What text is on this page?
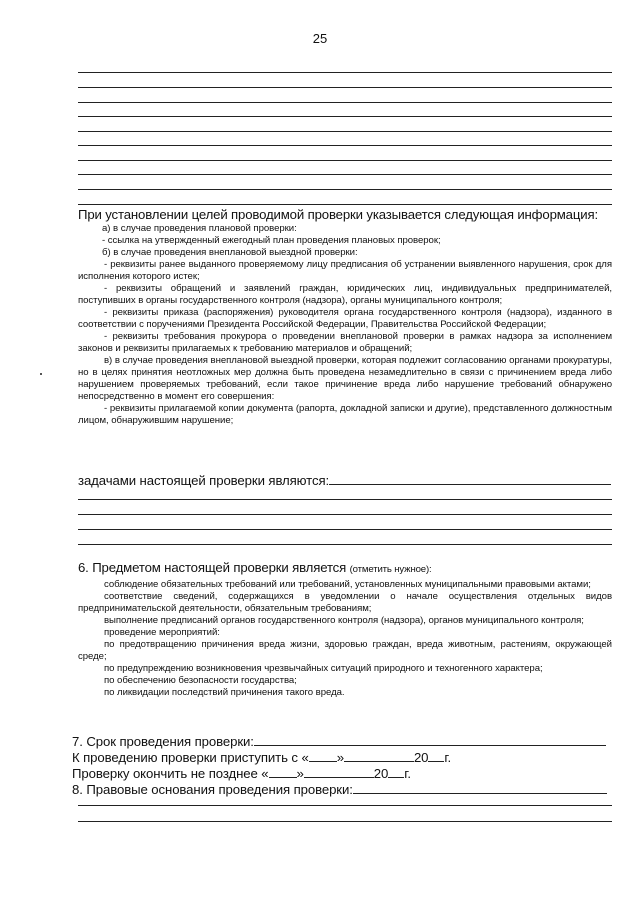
25
При установлении целей проводимой проверки указывается следующая информация:

а) в случае проведения плановой проверки:

- ссылка на утвержденный ежегодный план проведения плановых проверок;

б) в случае проведения внеплановой выездной проверки:

- реквизиты ранее выданного проверяемому лицу предписания об устранении выявленного нарушения, срок для исполнения которого истек;

- реквизиты обращений и заявлений граждан, юридических лиц, индивидуальных предпринимателей, поступивших в органы государственного контроля (надзора), органы муниципального контроля;

- реквизиты приказа (распоряжения) руководителя органа государственного контроля (надзора), изданного в соответствии с поручениями Президента Российской Федерации, Правительства Российской Федерации;

- реквизиты требования прокурора о проведении внеплановой проверки в рамках надзора за исполнением законов и реквизиты прилагаемых к требованию материалов и обращений;

в) в случае проведения внеплановой выездной проверки, которая подлежит согласованию органами прокуратуры, но в целях принятия неотложных мер должна быть проведена незамедлительно в связи с причинением вреда либо нарушением проверяемых требований, если такое причинение вреда либо нарушение требований обнаружено непосредственно в момент его совершения:

- реквизиты прилагаемой копии документа (рапорта, докладной записки и другие), представленного должностным лицом, обнаружившим нарушение;

задачами настоящей проверки являются:
6. Предметом настоящей проверки является (отметить нужное):

соблюдение обязательных требований или требований, установленных муниципальными правовыми актами;

соответствие сведений, содержащихся в уведомлении о начале осуществления отдельных видов предпринимательской деятельности, обязательным требованиям;

выполнение предписаний органов государственного контроля (надзора), органов муниципального контроля;

проведение мероприятий:

по предотвращению причинения вреда жизни, здоровью граждан, вреда животным, растениям, окружающей среде;

по предупреждению возникновения чрезвычайных ситуаций природного и техногенного характера;

по обеспечению безопасности государства;

по ликвидации последствий причинения такого вреда.

7. Срок проведения проверки:
К проведению проверки приступить с « »	20 г.
Проверку окончить не позднее « »	20 г.
8. Правовые основания проведения проверки:
